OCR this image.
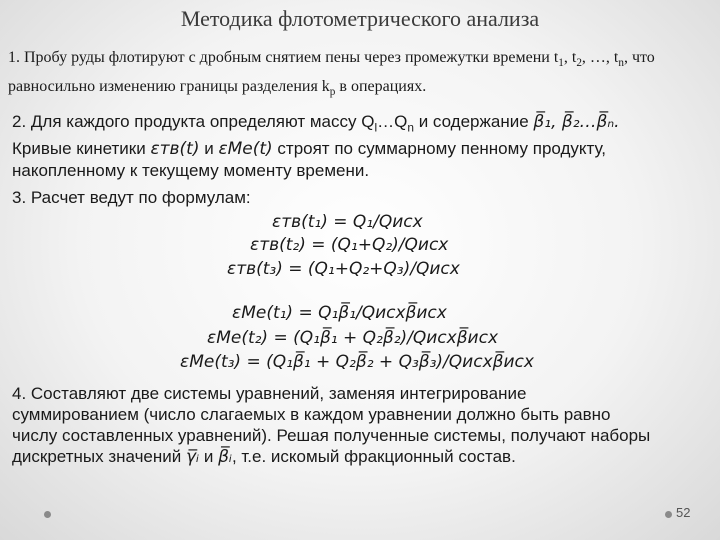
Методика флотометрического анализа
1. Пробу руды флотируют с дробным снятием пены через промежутки времени $t_1$, $t_2$, …, $t_n$, что равносильно изменению границы разделения $k_р$ в операциях.
2. Для каждого продукта определяют массу $Q_l\dots Q_n$ и содержание β̅₁, β̅₂…β̅ₙ.
Кривые кинетики εтв(t) и εMe(t) строят по суммарному пенному продукту,
накопленному к текущему моменту времени.
3. Расчет ведут по формулам:
εтв(t₁) = Q₁/Qисх
εтв(t₂) = (Q₁+Q₂)/Qисх
εтв(t₃) = (Q₁+Q₂+Q₃)/Qисх
εMe(t₁) = Q₁β̅₁/Qисхβ̅исх
εMe(t₂) = (Q₁β̅₁ + Q₂β̅₂)/Qисхβ̅исх
εMe(t₃) = (Q₁β̅₁ + Q₂β̅₂ + Q₃β̅₃)/Qисхβ̅исх
4. Составляют две системы уравнений, заменяя интегрирование
суммированием (число слагаемых в каждом уравнении должно быть равно
числу составленных уравнений). Решая полученные системы, получают наборы
дискретных значений γ̅ᵢ и β̅ᵢ, т.е. искомый фракционный состав.
52
